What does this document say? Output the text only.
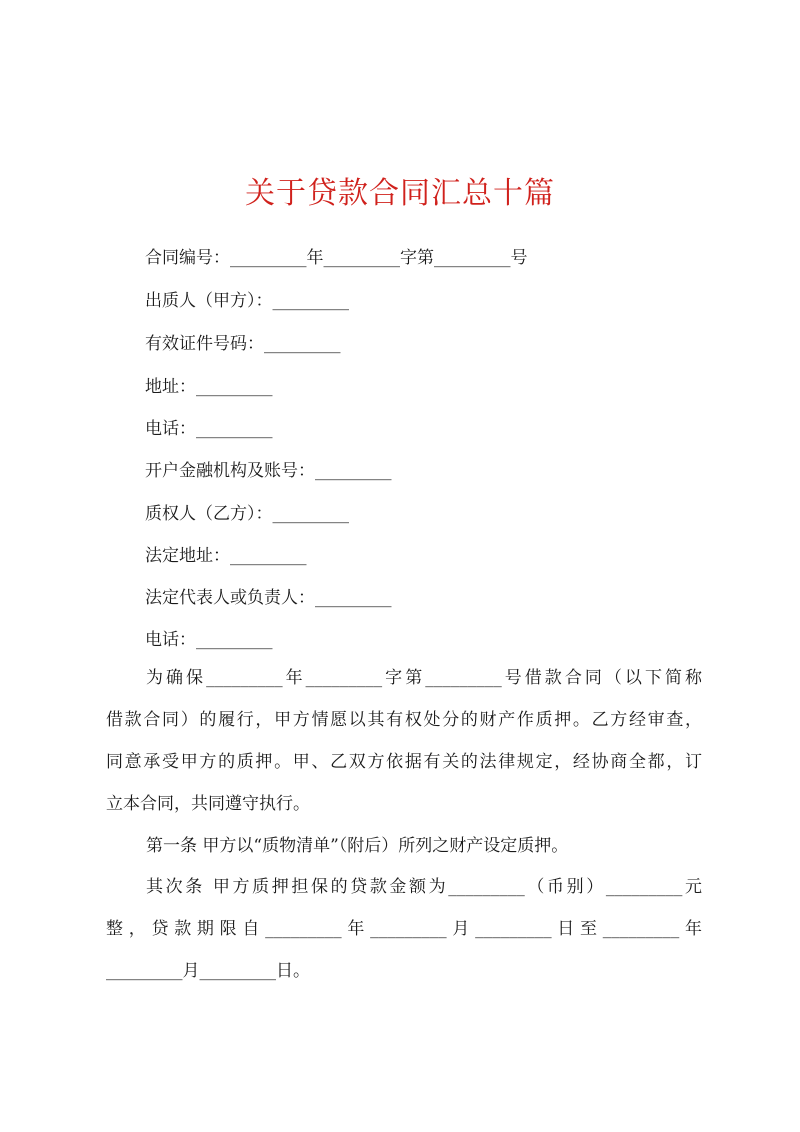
关于贷款合同汇总十篇
合同编号：_________年_________字第_________号
出质人（甲方）：_________
有效证件号码：_________
地址：_________
电话：_________
开户金融机构及账号：_________
质权人（乙方）：_________
法定地址：_________
法定代表人或负责人：_________
电话：_________
为确保_________年_________字第_________号借款合同（以下简称
借款合同）的履行，甲方情愿以其有权处分的财产作质押。乙方经审查，
同意承受甲方的质押。甲、乙双方依据有关的法律规定，经协商全都，订
立本合同，共同遵守执行。
第一条 甲方以“质物清单”（附后）所列之财产设定质押。
其次条 甲方质押担保的贷款金额为_________（币别）_________元
整，贷款期限自_________年_________月_________日至_________年
_________月_________日。
